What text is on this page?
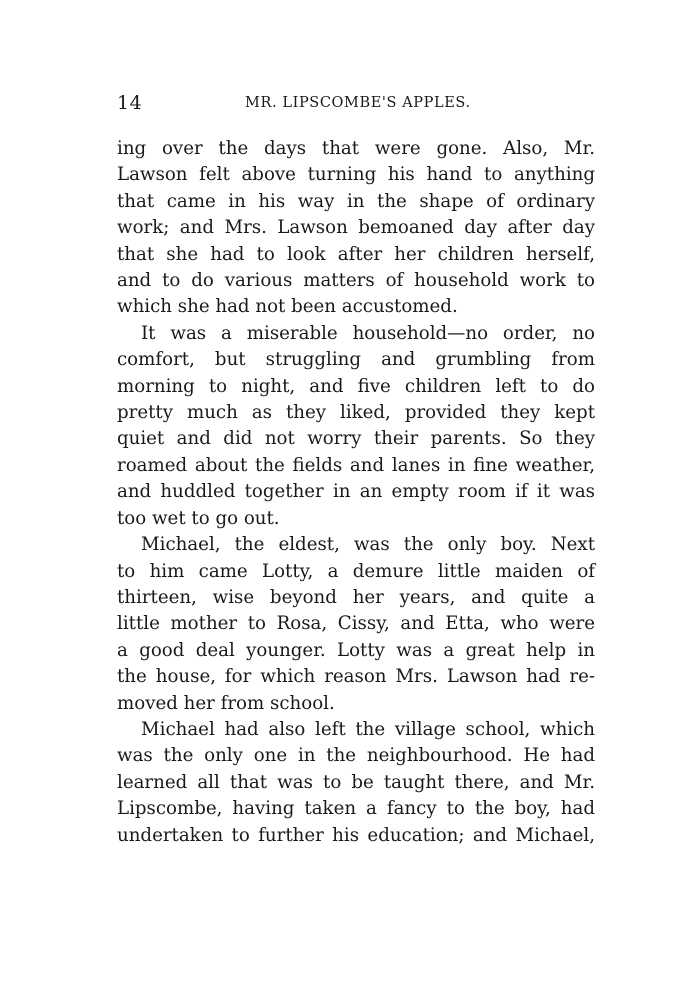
14	MR. LIPSCOMBE'S APPLES.
ing over the days that were gone. Also, Mr.
Lawson felt above turning his hand to anything
that came in his way in the shape of ordinary
work; and Mrs. Lawson bemoaned day after day
that she had to look after her children herself,
and to do various matters of household work to
which she had not been accustomed.
It was a miserable household—no order, no
comfort, but struggling and grumbling from
morning to night, and five children left to do
pretty much as they liked, provided they kept
quiet and did not worry their parents. So they
roamed about the fields and lanes in fine weather,
and huddled together in an empty room if it was
too wet to go out.
Michael, the eldest, was the only boy. Next
to him came Lotty, a demure little maiden of
thirteen, wise beyond her years, and quite a
little mother to Rosa, Cissy, and Etta, who were
a good deal younger. Lotty was a great help in
the house, for which reason Mrs. Lawson had re-
moved her from school.
Michael had also left the village school, which
was the only one in the neighbourhood. He had
learned all that was to be taught there, and Mr.
Lipscombe, having taken a fancy to the boy, had
undertaken to further his education; and Michael,
